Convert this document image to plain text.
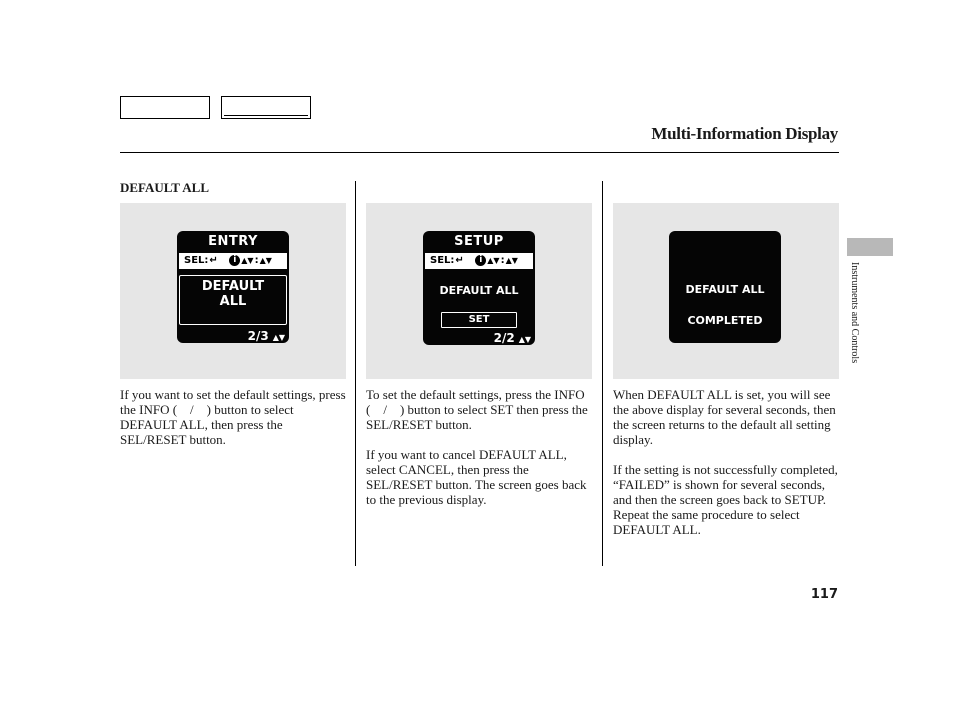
Multi-Information Display
DEFAULT ALL
ENTRY
SEL:↵ i ▲▼:▲▼
DEFAULT
ALL
2/3 ▲▼
SETUP
SEL:↵ i ▲▼:▲▼
DEFAULT ALL
SET
2/2 ▲▼
DEFAULT ALL
COMPLETED

If you want to set the default settings, press the INFO ( / ) button to select DEFAULT ALL, then press the SEL/RESET button.

To set the default settings, press the INFO ( / ) button to select SET then press the SEL/RESET button.

If you want to cancel DEFAULT ALL, select CANCEL, then press the SEL/RESET button. The screen goes back to the previous display.

When DEFAULT ALL is set, you will see the above display for several seconds, then the screen returns to the default all setting display.

If the setting is not successfully completed, “FAILED” is shown for several seconds, and then the screen goes back to SETUP. Repeat the same procedure to select DEFAULT ALL.

Instruments and Controls
117
